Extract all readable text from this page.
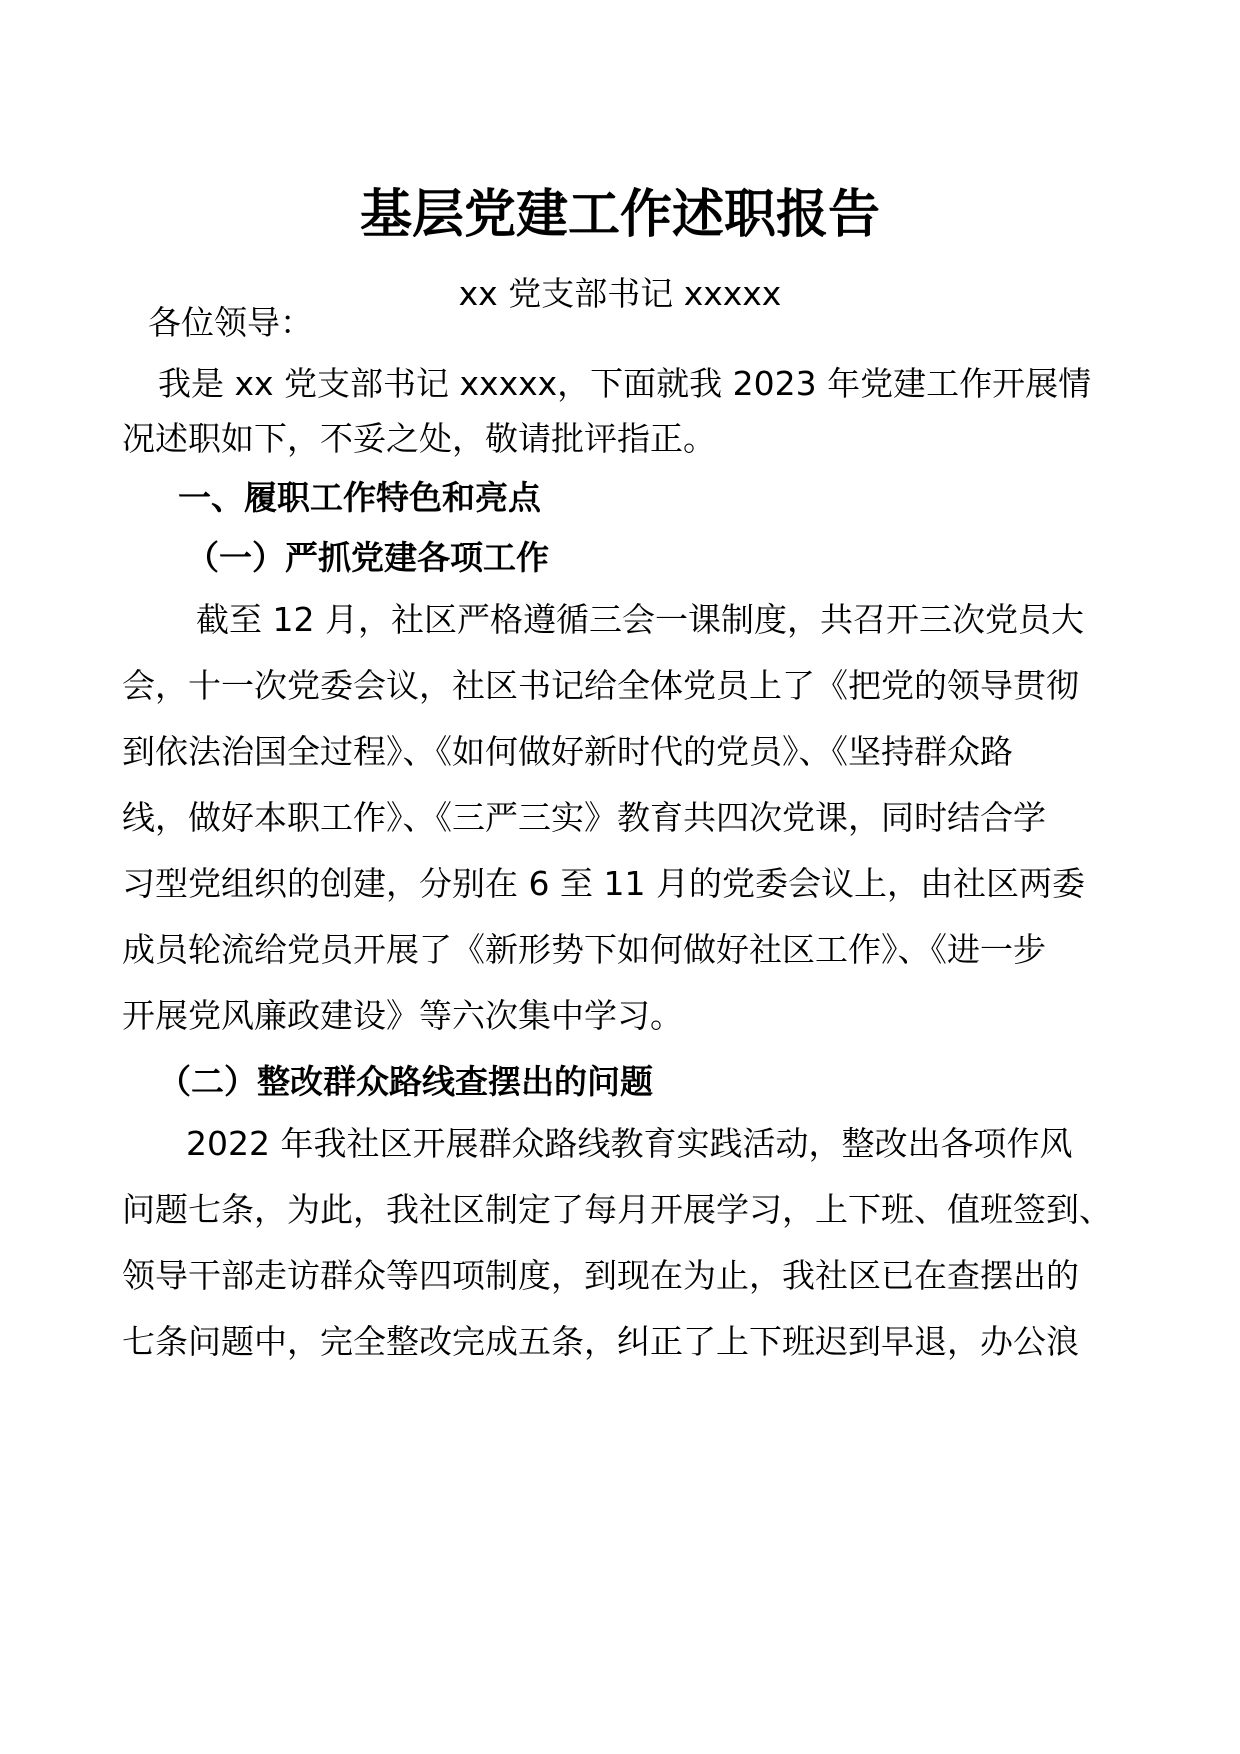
基层党建工作述职报告
xx 党支部书记 xxxxx
各位领导：
我是 xx 党支部书记 xxxxx，下面就我 2023 年党建工作开展情
况述职如下，不妥之处，敬请批评指正。
一、履职工作特色和亮点
（一）严抓党建各项工作
截至 12 月，社区严格遵循三会一课制度，共召开三次党员大
会，十一次党委会议，社区书记给全体党员上了《把党的领导贯彻
到依法治国全过程》、《如何做好新时代的党员》、《坚持群众路
线，做好本职工作》、《三严三实》教育共四次党课，同时结合学
习型党组织的创建，分别在 6 至 11 月的党委会议上，由社区两委
成员轮流给党员开展了《新形势下如何做好社区工作》、《进一步
开展党风廉政建设》等六次集中学习。
（二）整改群众路线查摆出的问题
2022 年我社区开展群众路线教育实践活动，整改出各项作风
问题七条，为此，我社区制定了每月开展学习，上下班、值班签到、
领导干部走访群众等四项制度，到现在为止，我社区已在查摆出的
七条问题中，完全整改完成五条，纠正了上下班迟到早退，办公浪
